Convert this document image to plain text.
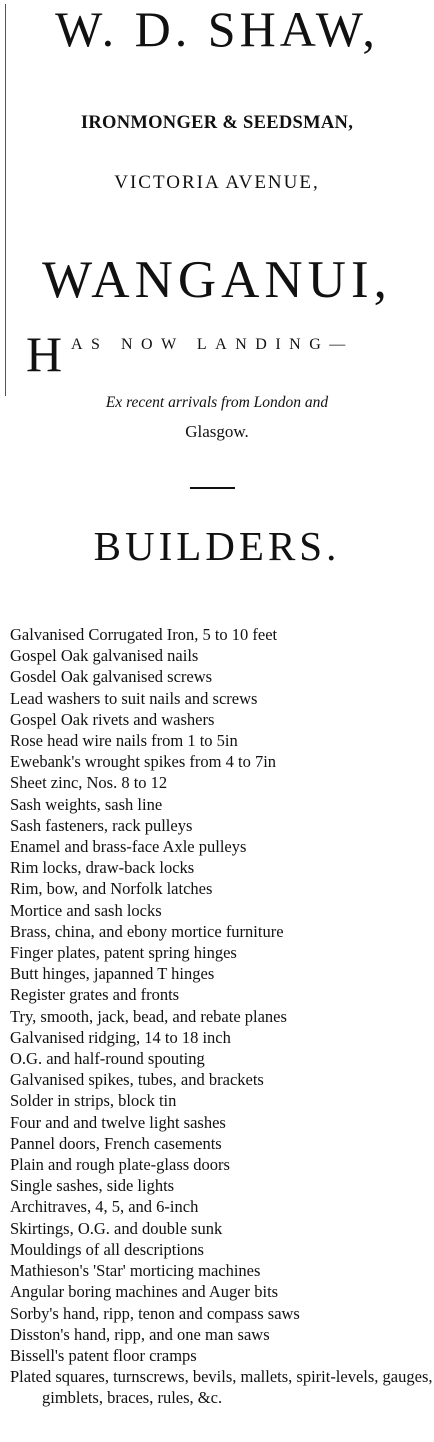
W. D. SHAW,
IRONMONGER & SEEDSMAN,
VICTORIA AVENUE,
WANGANUI,
H AS NOW LANDING—
Ex recent arrivals from London and
Glasgow.
BUILDERS.
Galvanised Corrugated Iron, 5 to 10 feet
Gospel Oak galvanised nails
Gosdel Oak galvanised screws
Lead washers to suit nails and screws
Gospel Oak rivets and washers
Rose head wire nails from 1 to 5in
Ewebank's wrought spikes from 4 to 7in
Sheet zinc, Nos. 8 to 12
Sash weights, sash line
Sash fasteners, rack pulleys
Enamel and brass-face Axle pulleys
Rim locks, draw-back locks
Rim, bow, and Norfolk latches
Mortice and sash locks
Brass, china, and ebony mortice furniture
Finger plates, patent spring hinges
Butt hinges, japanned T hinges
Register grates and fronts
Try, smooth, jack, bead, and rebate planes
Galvanised ridging, 14 to 18 inch
O.G. and half-round spouting
Galvanised spikes, tubes, and brackets
Solder in strips, block tin
Four and and twelve light sashes
Pannel doors, French casements
Plain and rough plate-glass doors
Single sashes, side lights
Architraves, 4, 5, and 6-inch
Skirtings, O.G. and double sunk
Mouldings of all descriptions
Mathieson's 'Star' morticing machines
Angular boring machines and Auger bits
Sorby's hand, ripp, tenon and compass saws
Disston's hand, ripp, and one man saws
Bissell's patent floor cramps
Plated squares, turnscrews, bevils, mallets, spirit-levels, gauges, gimblets, braces, rules, &c.
